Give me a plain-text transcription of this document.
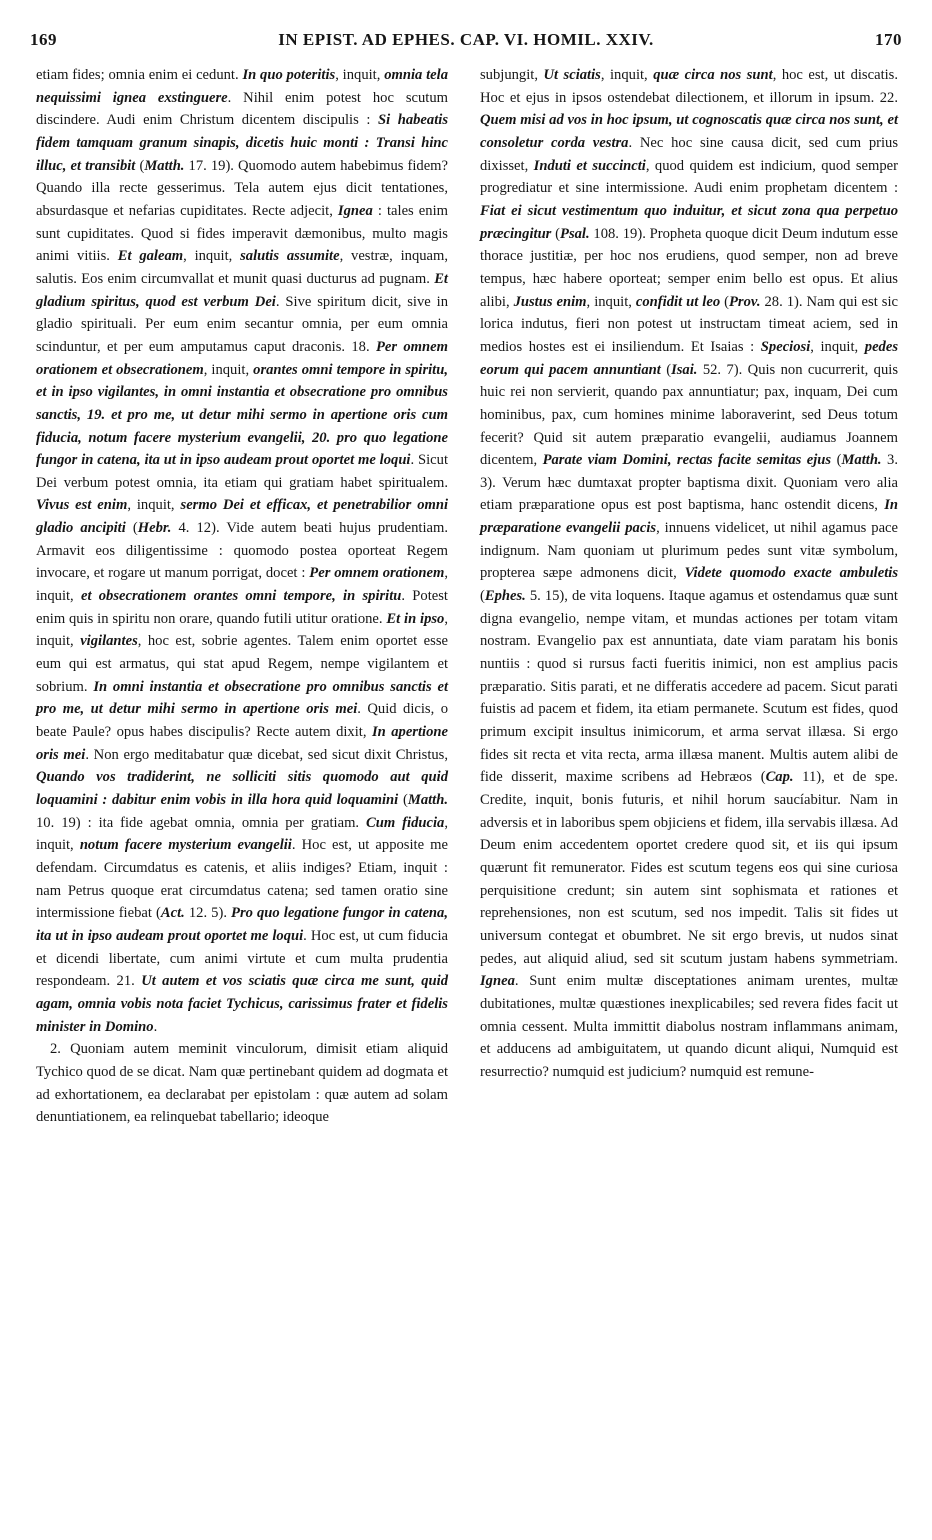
169	IN EPIST. AD EPHES. CAP. VI. HOMIL. XXIV.	170

etiam fides; omnia enim ei cedunt. In quo poteritis, inquit, omnia tela nequissimi ignea exstinguere. Nihil enim potest hoc scutum discindere. Audi enim Christum dicentem discipulis : Si habeatis fidem tamquam granum sinapis, dicetis huic monti : Transi hinc illuc, et transibit (Matth. 17. 19). Quomodo autem habebimus fidem? Quando illa recte gesserimus. Tela autem ejus dicit tentationes, absurdasque et nefarias cupiditates. Recte adjecit, Ignea : tales enim sunt cupiditates. Quod si fides imperavit dæmonibus, multo magis animi vitiis. Et galeam, inquit, salutis assumite, vestræ, inquam, salutis. Eos enim circumvallat et munit quasi ducturus ad pugnam. Et gladium spiritus, quod est verbum Dei. Sive spiritum dicit, sive in gladio spirituali. Per eum enim secantur omnia, per eum omnia scinduntur, et per eum amputamus caput draconis. 18. Per omnem orationem et obsecrationem, inquit, orantes omni tempore in spiritu, et in ipso vigilantes, in omni instantia et obsecratione pro omnibus sanctis, 19. et pro me, ut detur mihi sermo in apertione oris cum fiducia, notum facere mysterium evangelii, 20. pro quo legatione fungor in catena, ita ut in ipso audeam prout oportet me loqui. Sicut Dei verbum potest omnia, ita etiam qui gratiam habet spiritualem. Vivus est enim, inquit, sermo Dei et efficax, et penetrabilior omni gladio ancipiti (Hebr. 4. 12). Vide autem beati hujus prudentiam. Armavit eos diligentissime : quomodo postea oporteat Regem invocare, et rogare ut manum porrigat, docet : Per omnem orationem, inquit, et obsecrationem orantes omni tempore, in spiritu. Potest enim quis in spiritu non orare, quando futili utitur oratione. Et in ipso, inquit, vigilantes, hoc est, sobrie agentes. Talem enim oportet esse eum qui est armatus, qui stat apud Regem, nempe vigilantem et sobrium. In omni instantia et obsecratione pro omnibus sanctis et pro me, ut detur mihi sermo in apertione oris mei. Quid dicis, o beate Paule? opus habes discipulis? Recte autem dixit, In apertione oris mei. Non ergo meditabatur quæ dicebat, sed sicut dixit Christus, Quando vos tradiderint, ne solliciti sitis quomodo aut quid loquamini : dabitur enim vobis in illa hora quid loquamini (Matth. 10. 19) : ita fide agebat omnia, omnia per gratiam. Cum fiducia, inquit, notum facere mysterium evangelii. Hoc est, ut apposite me defendam. Circumdatus es catenis, et aliis indiges? Etiam, inquit : nam Petrus quoque erat circumdatus catena; sed tamen oratio sine intermissione fiebat (Act. 12. 5). Pro quo legatione fungor in catena, ita ut in ipso audeam prout oportet me loqui. Hoc est, ut cum fiducia et dicendi libertate, cum animi virtute et cum multa prudentia respondeam. 21. Ut autem et vos sciatis quæ circa me sunt, quid agam, omnia vobis nota faciet Tychicus, carissimus frater et fidelis minister in Domino.

2. Quoniam autem meminit vinculorum, dimisit etiam aliquid Tychico quod de se dicat. Nam quæ pertinebant quidem ad dogmata et ad exhortationem, ea declarabat per epistolam : quæ autem ad solam denuntiationem, ea relinquebat tabellario; ideoque

subjungit, Ut sciatis, inquit, quæ circa nos sunt, hoc est, ut discatis. Hoc et ejus in ipsos ostendebat dilectionem, et illorum in ipsum. 22. Quem misi ad vos in hoc ipsum, ut cognoscatis quæ circa nos sunt, et consoletur corda vestra. Nec hoc sine causa dicit, sed cum prius dixisset, Induti et succincti, quod quidem est indicium, quod semper progrediatur et sine intermissione. Audi enim prophetam dicentem : Fiat ei sicut vestimentum quo induitur, et sicut zona qua perpetuo præcingitur (Psal. 108. 19). Propheta quoque dicit Deum indutum esse thorace justitiæ, per hoc nos erudiens, quod semper, non ad breve tempus, hæc habere oporteat; semper enim bello est opus. Et alius alibi, Justus enim, inquit, confidit ut leo (Prov. 28. 1). Nam qui est sic lorica indutus, fieri non potest ut instructam timeat aciem, sed in medios hostes est ei insiliendum. Et Isaias : Speciosi, inquit, pedes eorum qui pacem annuntiant (Isai. 52. 7). Quis non cucurrerit, quis huic rei non servierit, quando pax annuntiatur; pax, inquam, Dei cum hominibus, pax, cum homines minime laboraverint, sed Deus totum fecerit? Quid sit autem præparatio evangelii, audiamus Joannem dicentem, Parate viam Domini, rectas facite semitas ejus (Matth. 3. 3). Verum hæc dumtaxat propter baptisma dixit. Quoniam vero alia etiam præparatione opus est post baptisma, hanc ostendit dicens, In præparatione evangelii pacis, innuens videlicet, ut nihil agamus pace indignum. Nam quoniam ut plurimum pedes sunt vitæ symbolum, propterea sæpe admonens dicit, Videte quomodo exacte ambuletis (Ephes. 5. 15), de vita loquens. Itaque agamus et ostendamus quæ sunt digna evangelio, nempe vitam, et mundas actiones per totam vitam nostram. Evangelio pax est annuntiata, date viam paratam his bonis nuntiis : quod si rursus facti fueritis inimici, non est amplius pacis præparatio. Sitis parati, et ne differatis accedere ad pacem. Sicut parati fuistis ad pacem et fidem, ita etiam permanete. Scutum est fides, quod primum excipit insultus inimicorum, et arma servat illæsa. Si ergo fides sit recta et vita recta, arma illæsa manent. Multis autem alibi de fide disserit, maxime scribens ad Hebræos (Cap. 11), et de spe. Credite, inquit, bonis futuris, et nihil horum saucíabitur. Nam in adversis et in laboribus spem objiciens et fidem, illa servabis illæsa. Ad Deum enim accedentem oportet credere quod sit, et iis qui ipsum quærunt fit remunerator. Fides est scutum tegens eos qui sine curiosa perquisitione credunt; sin autem sint sophismata et rationes et reprehensiones, non est scutum, sed nos impedit. Talis sit fides ut universum contegat et obumbret. Ne sit ergo brevis, ut nudos sinat pedes, aut aliquid aliud, sed sit scutum justam habens symmetriam. Ignea. Sunt enim multæ disceptationes animam urentes, multæ dubitationes, multæ quæstiones inexplicabiles; sed revera fides facit ut omnia cessent. Multa immittit diabolus nostram inflammans animam, et adducens ad ambiguitatem, ut quando dicunt aliqui, Numquid est resurrectio? numquid est judicium? numquid est remune-
